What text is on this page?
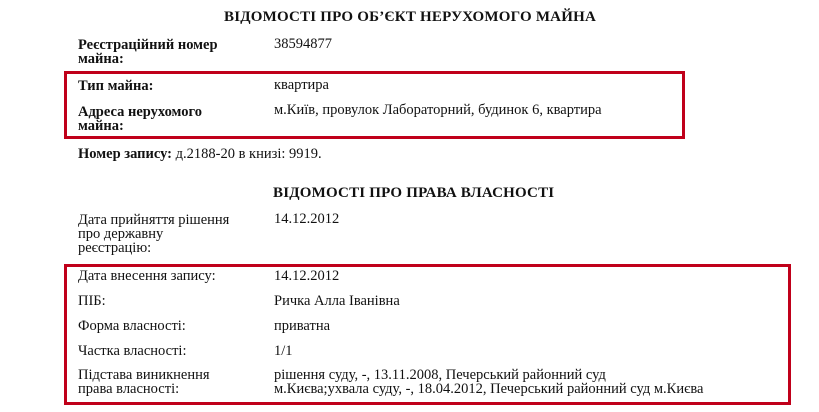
ВІДОМОСТІ ПРО ОБ’ЄКТ НЕРУХОМОГО МАЙНА
Реєстраційний номер
майна:
38594877
Тип майна:	квартира
Адреса нерухомого
майна:
м.Київ, провулок Лабораторний, будинок 6, квартира
Номер запису: д.2188-20 в книзі: 9919.
ВІДОМОСТІ ПРО ПРАВА ВЛАСНОСТІ
Дата прийняття рішення
про державну
реєстрацію:
14.12.2012
Дата внесення запису:	14.12.2012
ПІБ:	Ричка Алла Іванівна
Форма власності:	приватна
Частка власності:	1/1
Підстава виникнення
права власності:
рішення суду, -, 13.11.2008, Печерський районний суд
м.Києва;ухвала суду, -, 18.04.2012, Печерський районний суд м.Києва
